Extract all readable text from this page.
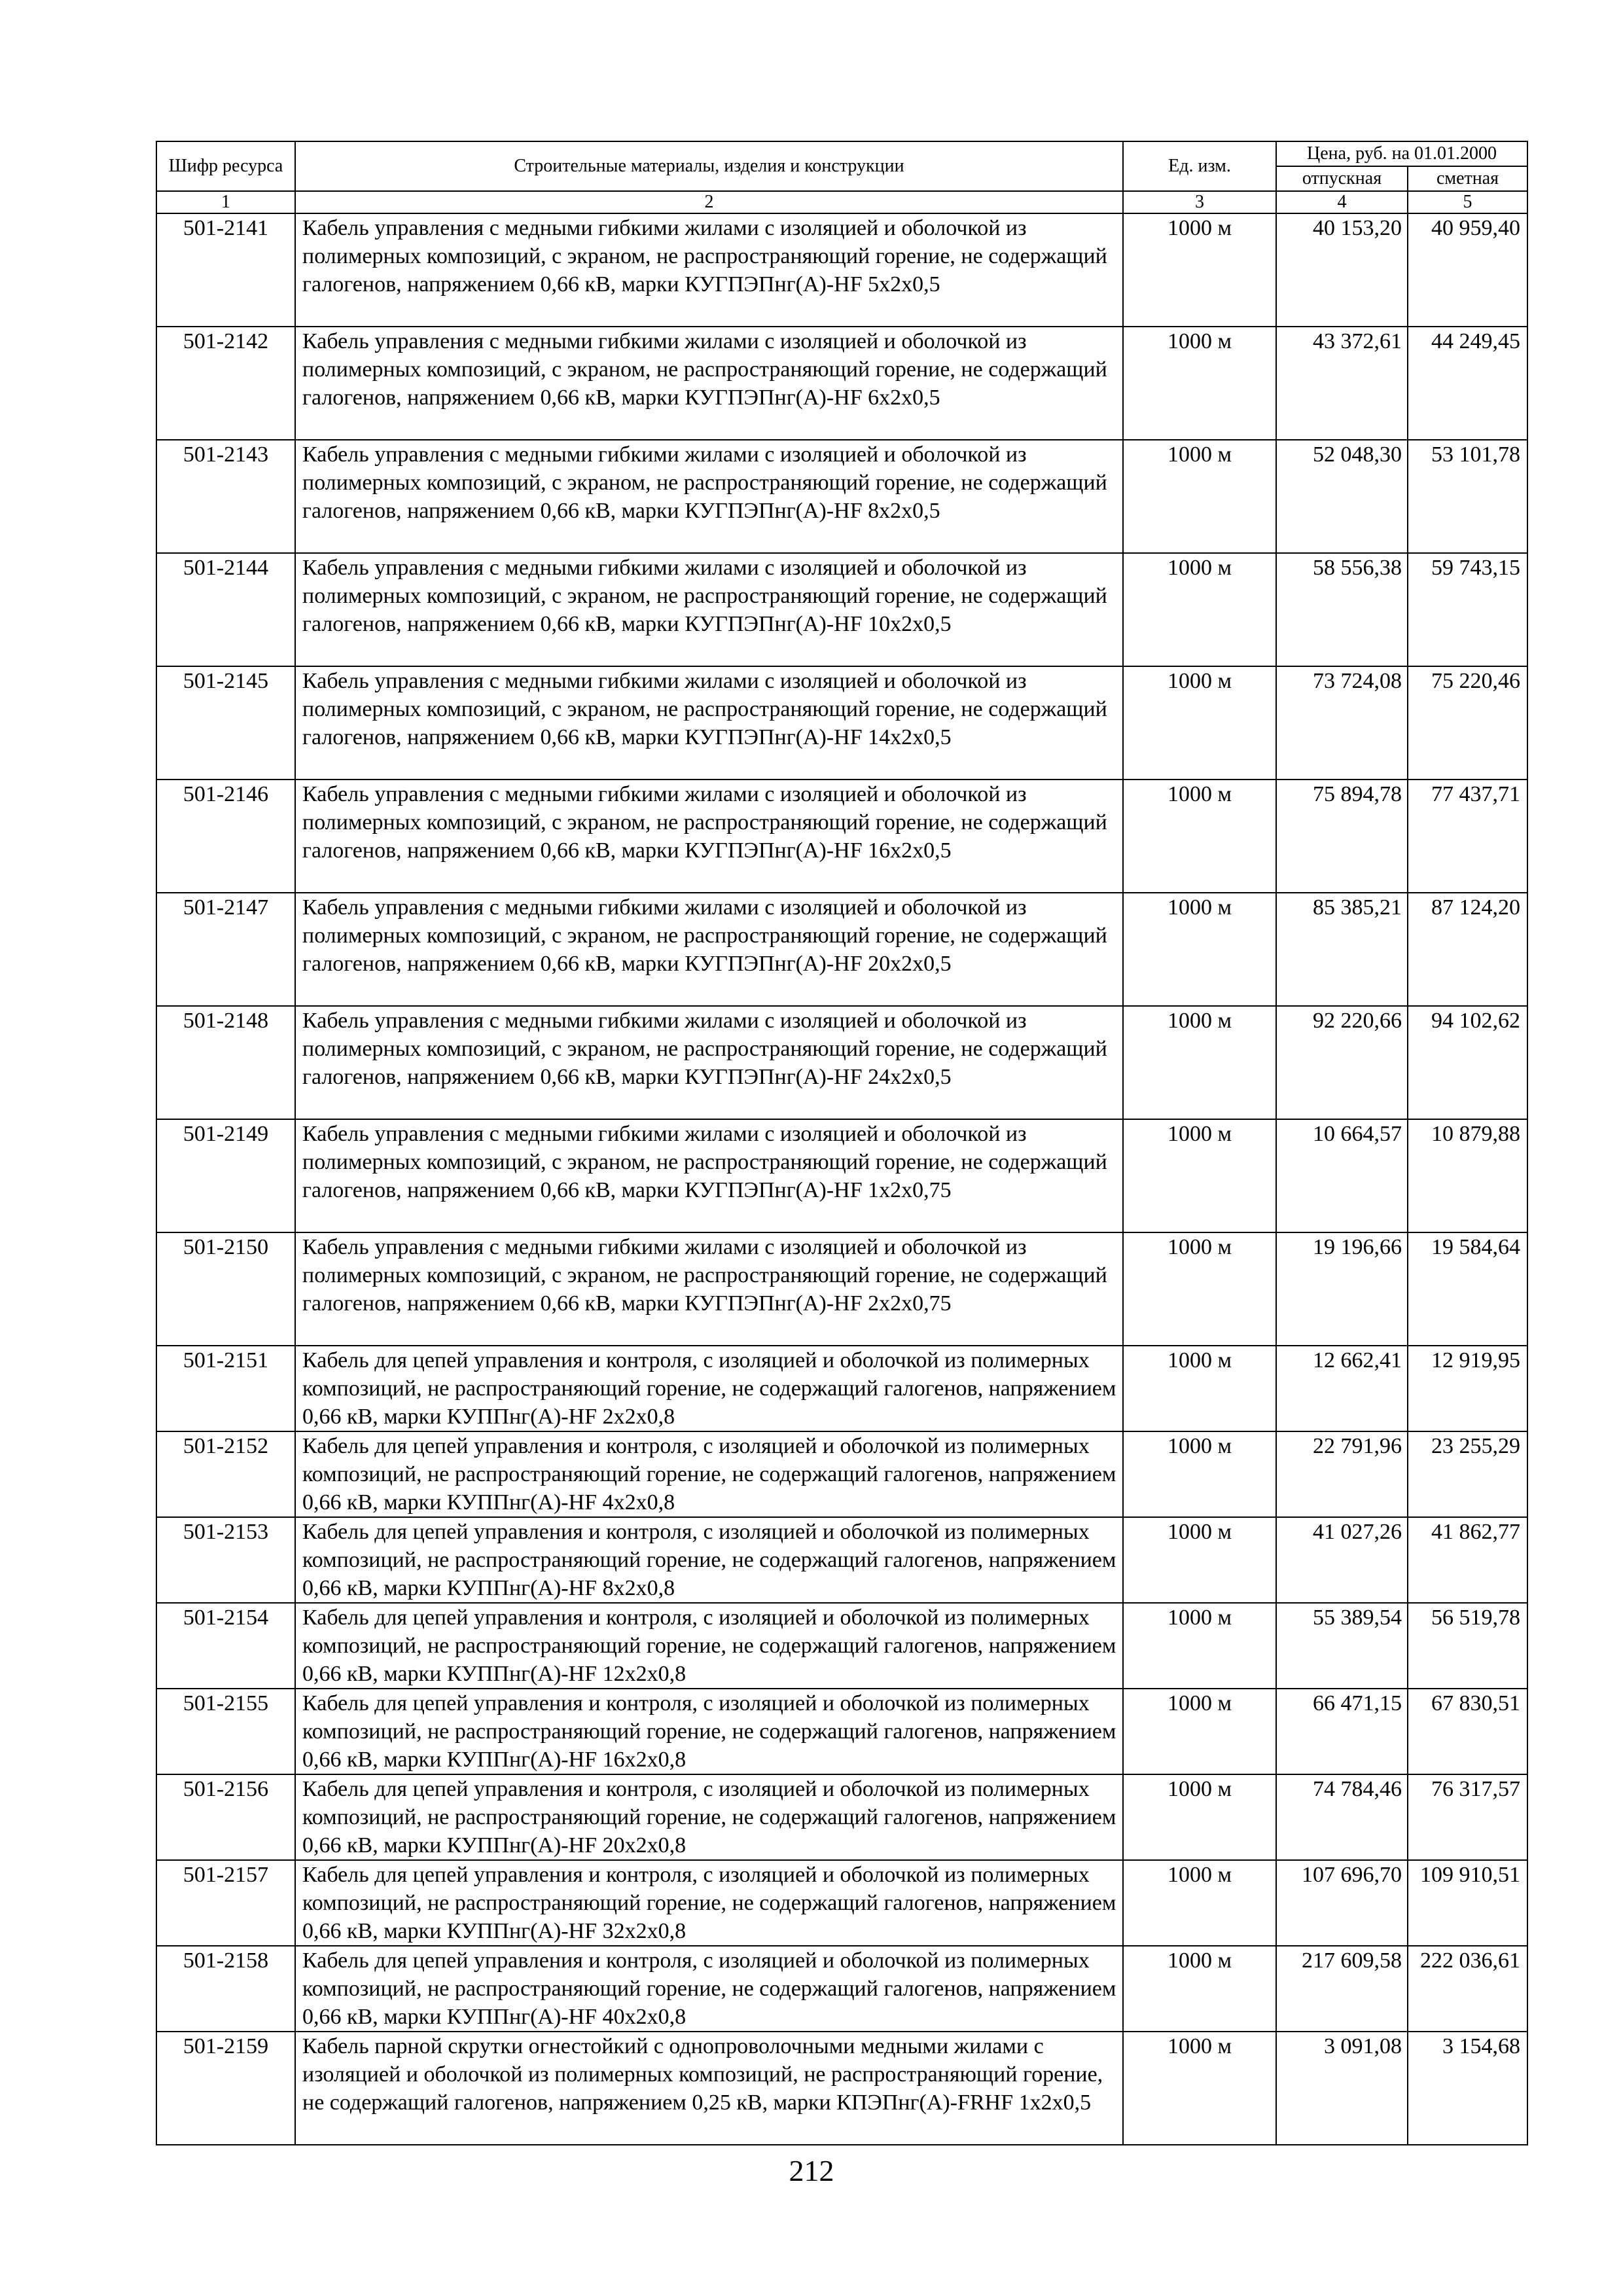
Шифр ресурса	Строительные материалы, изделия и конструкции	Ед. изм.	Цена, руб. на 01.01.2000	
			отпускная	сметная
1	2	3	4	5
501-2141	Кабель управления с медными гибкими жилами с изоляцией и оболочкой из полимерных композиций, с экраном, не распространяющий горение, не содержащий галогенов, напряжением 0,66 кВ, марки КУГПЭПнг(А)-HF 5х2х0,5	1000 м	40 153,20	40 959,40
501-2142	Кабель управления с медными гибкими жилами с изоляцией и оболочкой из полимерных композиций, с экраном, не распространяющий горение, не содержащий галогенов, напряжением 0,66 кВ, марки КУГПЭПнг(А)-HF 6х2х0,5	1000 м	43 372,61	44 249,45
501-2143	Кабель управления с медными гибкими жилами с изоляцией и оболочкой из полимерных композиций, с экраном, не распространяющий горение, не содержащий галогенов, напряжением 0,66 кВ, марки КУГПЭПнг(А)-HF 8х2х0,5	1000 м	52 048,30	53 101,78
501-2144	Кабель управления с медными гибкими жилами с изоляцией и оболочкой из полимерных композиций, с экраном, не распространяющий горение, не содержащий галогенов, напряжением 0,66 кВ, марки КУГПЭПнг(А)-HF 10х2х0,5	1000 м	58 556,38	59 743,15
501-2145	Кабель управления с медными гибкими жилами с изоляцией и оболочкой из полимерных композиций, с экраном, не распространяющий горение, не содержащий галогенов, напряжением 0,66 кВ, марки КУГПЭПнг(А)-HF 14х2х0,5	1000 м	73 724,08	75 220,46
501-2146	Кабель управления с медными гибкими жилами с изоляцией и оболочкой из полимерных композиций, с экраном, не распространяющий горение, не содержащий галогенов, напряжением 0,66 кВ, марки КУГПЭПнг(А)-HF 16х2х0,5	1000 м	75 894,78	77 437,71
501-2147	Кабель управления с медными гибкими жилами с изоляцией и оболочкой из полимерных композиций, с экраном, не распространяющий горение, не содержащий галогенов, напряжением 0,66 кВ, марки КУГПЭПнг(А)-HF 20х2х0,5	1000 м	85 385,21	87 124,20
501-2148	Кабель управления с медными гибкими жилами с изоляцией и оболочкой из полимерных композиций, с экраном, не распространяющий горение, не содержащий галогенов, напряжением 0,66 кВ, марки КУГПЭПнг(А)-HF 24х2х0,5	1000 м	92 220,66	94 102,62
501-2149	Кабель управления с медными гибкими жилами с изоляцией и оболочкой из полимерных композиций, с экраном, не распространяющий горение, не содержащий галогенов, напряжением 0,66 кВ, марки КУГПЭПнг(А)-HF 1х2х0,75	1000 м	10 664,57	10 879,88
501-2150	Кабель управления с медными гибкими жилами с изоляцией и оболочкой из полимерных композиций, с экраном, не распространяющий горение, не содержащий галогенов, напряжением 0,66 кВ, марки КУГПЭПнг(А)-HF 2х2х0,75	1000 м	19 196,66	19 584,64
501-2151	Кабель для цепей управления и контроля, с изоляцией и оболочкой из полимерных композиций, не распространяющий горение, не содержащий галогенов, напряжением 0,66 кВ, марки КУППнг(А)-HF 2х2х0,8	1000 м	12 662,41	12 919,95
501-2152	Кабель для цепей управления и контроля, с изоляцией и оболочкой из полимерных композиций, не распространяющий горение, не содержащий галогенов, напряжением 0,66 кВ, марки КУППнг(А)-HF 4х2х0,8	1000 м	22 791,96	23 255,29
501-2153	Кабель для цепей управления и контроля, с изоляцией и оболочкой из полимерных композиций, не распространяющий горение, не содержащий галогенов, напряжением 0,66 кВ, марки КУППнг(А)-HF 8х2х0,8	1000 м	41 027,26	41 862,77
501-2154	Кабель для цепей управления и контроля, с изоляцией и оболочкой из полимерных композиций, не распространяющий горение, не содержащий галогенов, напряжением 0,66 кВ, марки КУППнг(А)-HF 12х2х0,8	1000 м	55 389,54	56 519,78
501-2155	Кабель для цепей управления и контроля, с изоляцией и оболочкой из полимерных композиций, не распространяющий горение, не содержащий галогенов, напряжением 0,66 кВ, марки КУППнг(А)-HF 16х2х0,8	1000 м	66 471,15	67 830,51
501-2156	Кабель для цепей управления и контроля, с изоляцией и оболочкой из полимерных композиций, не распространяющий горение, не содержащий галогенов, напряжением 0,66 кВ, марки КУППнг(А)-HF 20х2х0,8	1000 м	74 784,46	76 317,57
501-2157	Кабель для цепей управления и контроля, с изоляцией и оболочкой из полимерных композиций, не распространяющий горение, не содержащий галогенов, напряжением 0,66 кВ, марки КУППнг(А)-HF 32х2х0,8	1000 м	107 696,70	109 910,51
501-2158	Кабель для цепей управления и контроля, с изоляцией и оболочкой из полимерных композиций, не распространяющий горение, не содержащий галогенов, напряжением 0,66 кВ, марки КУППнг(А)-HF 40х2х0,8	1000 м	217 609,58	222 036,61
501-2159	Кабель парной скрутки огнестойкий с однопроволочными медными жилами с изоляцией и оболочкой из полимерных композиций, не распространяющий горение, не содержащий галогенов, напряжением 0,25 кВ, марки КПЭПнг(А)-FRHF 1х2х0,5	1000 м	3 091,08	3 154,68
212
